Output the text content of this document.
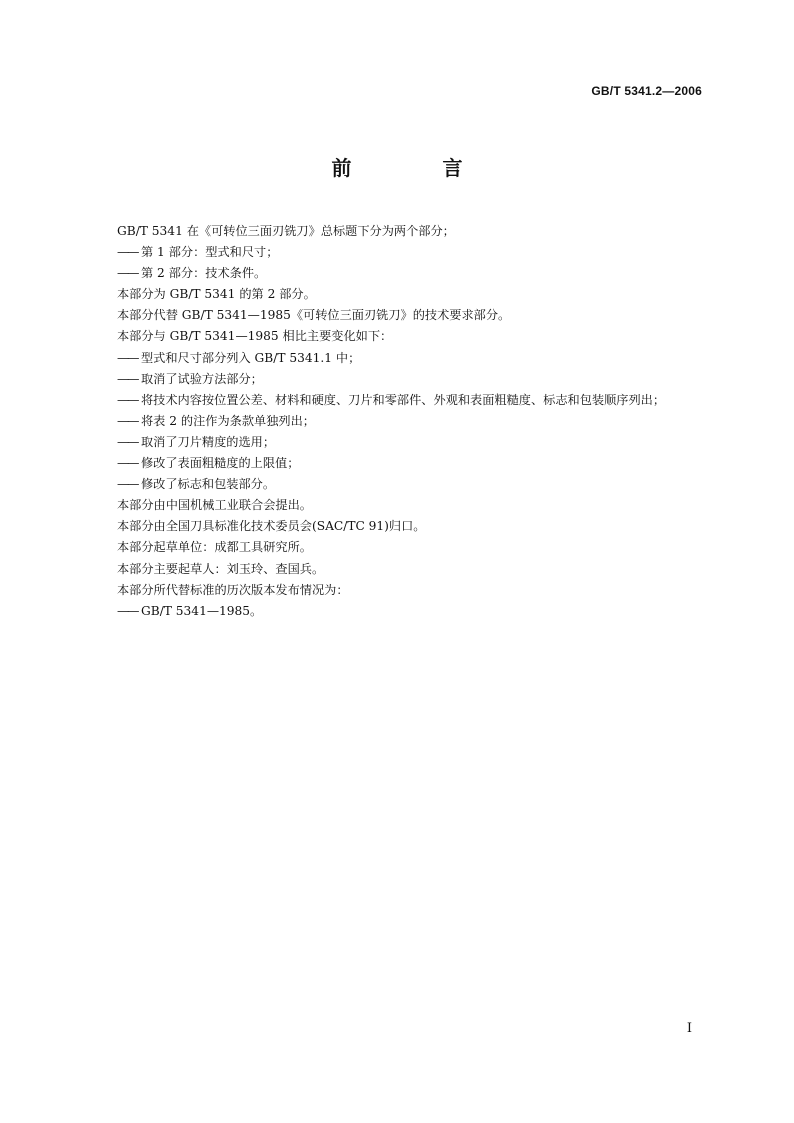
GB/T 5341.2—2006
前 言
GB/T 5341 在《可转位三面刃铣刀》总标题下分为两个部分；
—— 第 1 部分：型式和尺寸；
—— 第 2 部分：技术条件。
本部分为 GB/T 5341 的第 2 部分。
本部分代替 GB/T 5341—1985《可转位三面刃铣刀》的技术要求部分。
本部分与 GB/T 5341—1985 相比主要变化如下：
—— 型式和尺寸部分列入 GB/T 5341.1 中；
—— 取消了试验方法部分；
—— 将技术内容按位置公差、材料和硬度、刀片和零部件、外观和表面粗糙度、标志和包装顺序列出；
—— 将表 2 的注作为条款单独列出；
—— 取消了刀片精度的选用；
—— 修改了表面粗糙度的上限值；
—— 修改了标志和包装部分。
本部分由中国机械工业联合会提出。
本部分由全国刀具标准化技术委员会(SAC/TC 91)归口。
本部分起草单位：成都工具研究所。
本部分主要起草人：刘玉玲、查国兵。
本部分所代替标准的历次版本发布情况为：
—— GB/T 5341—1985。
I
